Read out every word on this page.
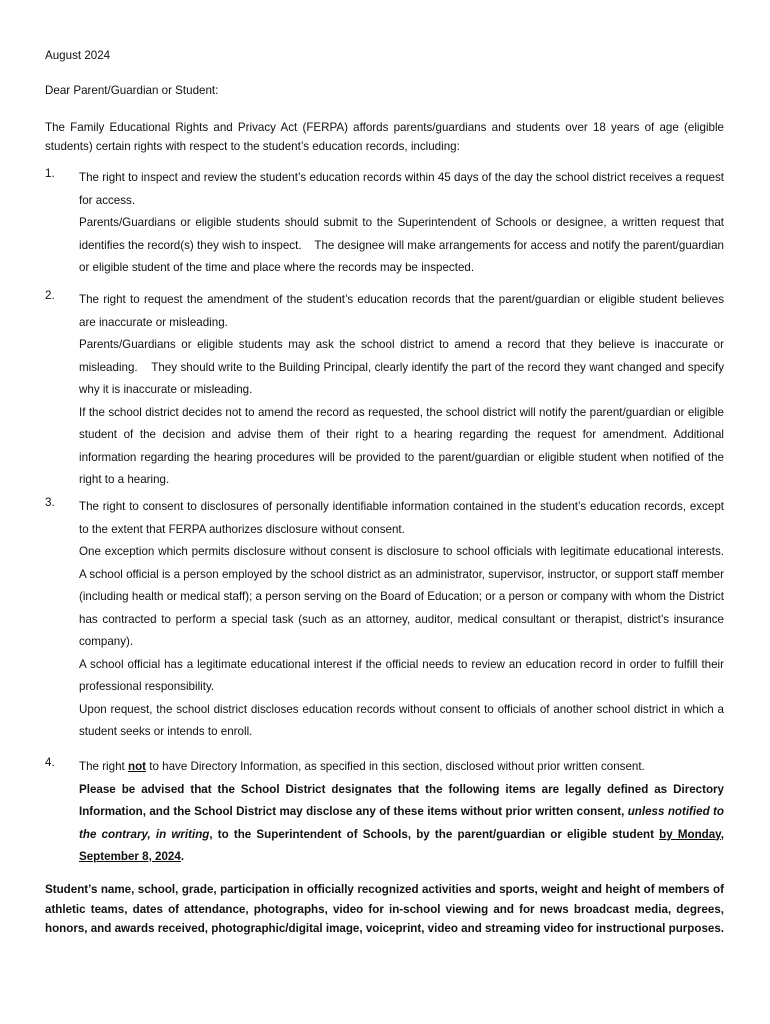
August 2024
Dear Parent/Guardian or Student:
The Family Educational Rights and Privacy Act (FERPA) affords parents/guardians and students over 18 years of age (eligible students) certain rights with respect to the student’s education records, including:
1. The right to inspect and review the student’s education records within 45 days of the day the school district receives a request for access.

Parents/Guardians or eligible students should submit to the Superintendent of Schools or designee, a written request that identifies the record(s) they wish to inspect.    The designee will make arrangements for access and notify the parent/guardian or eligible student of the time and place where the records may be inspected.

2. The right to request the amendment of the student’s education records that the parent/guardian or eligible student believes are inaccurate or misleading.

Parents/Guardians or eligible students may ask the school district to amend a record that they believe is inaccurate or misleading.    They should write to the Building Principal, clearly identify the part of the record they want changed and specify why it is inaccurate or misleading.

If the school district decides not to amend the record as requested, the school district will notify the parent/guardian or eligible student of the decision and advise them of their right to a hearing regarding the request for amendment. Additional information regarding the hearing procedures will be provided to the parent/guardian or eligible student when notified of the right to a hearing.

3. The right to consent to disclosures of personally identifiable information contained in the student’s education records, except to the extent that FERPA authorizes disclosure without consent.

One exception which permits disclosure without consent is disclosure to school officials with legitimate educational interests.    A school official is a person employed by the school district as an administrator, supervisor, instructor, or support staff member (including health or medical staff); a person serving on the Board of Education; or a person or company with whom the District has contracted to perform a special task (such as an attorney, auditor, medical consultant or therapist, district’s insurance company).

A school official has a legitimate educational interest if the official needs to review an education record in order to fulfill their professional responsibility.

Upon request, the school district discloses education records without consent to officials of another school district in which a student seeks or intends to enroll.

4. The right not to have Directory Information, as specified in this section, disclosed without prior written consent.

Please be advised that the School District designates that the following items are legally defined as Directory Information, and the School District may disclose any of these items without prior written consent, unless notified to the contrary, in writing, to the Superintendent of Schools, by the parent/guardian or eligible student by Monday, September 8, 2024.

Student’s name, school, grade, participation in officially recognized activities and sports, weight and height of members of athletic teams, dates of attendance, photographs, video for in-school viewing and for news broadcast media, degrees, honors, and awards received, photographic/digital image, voiceprint, video and streaming video for instructional purposes.
